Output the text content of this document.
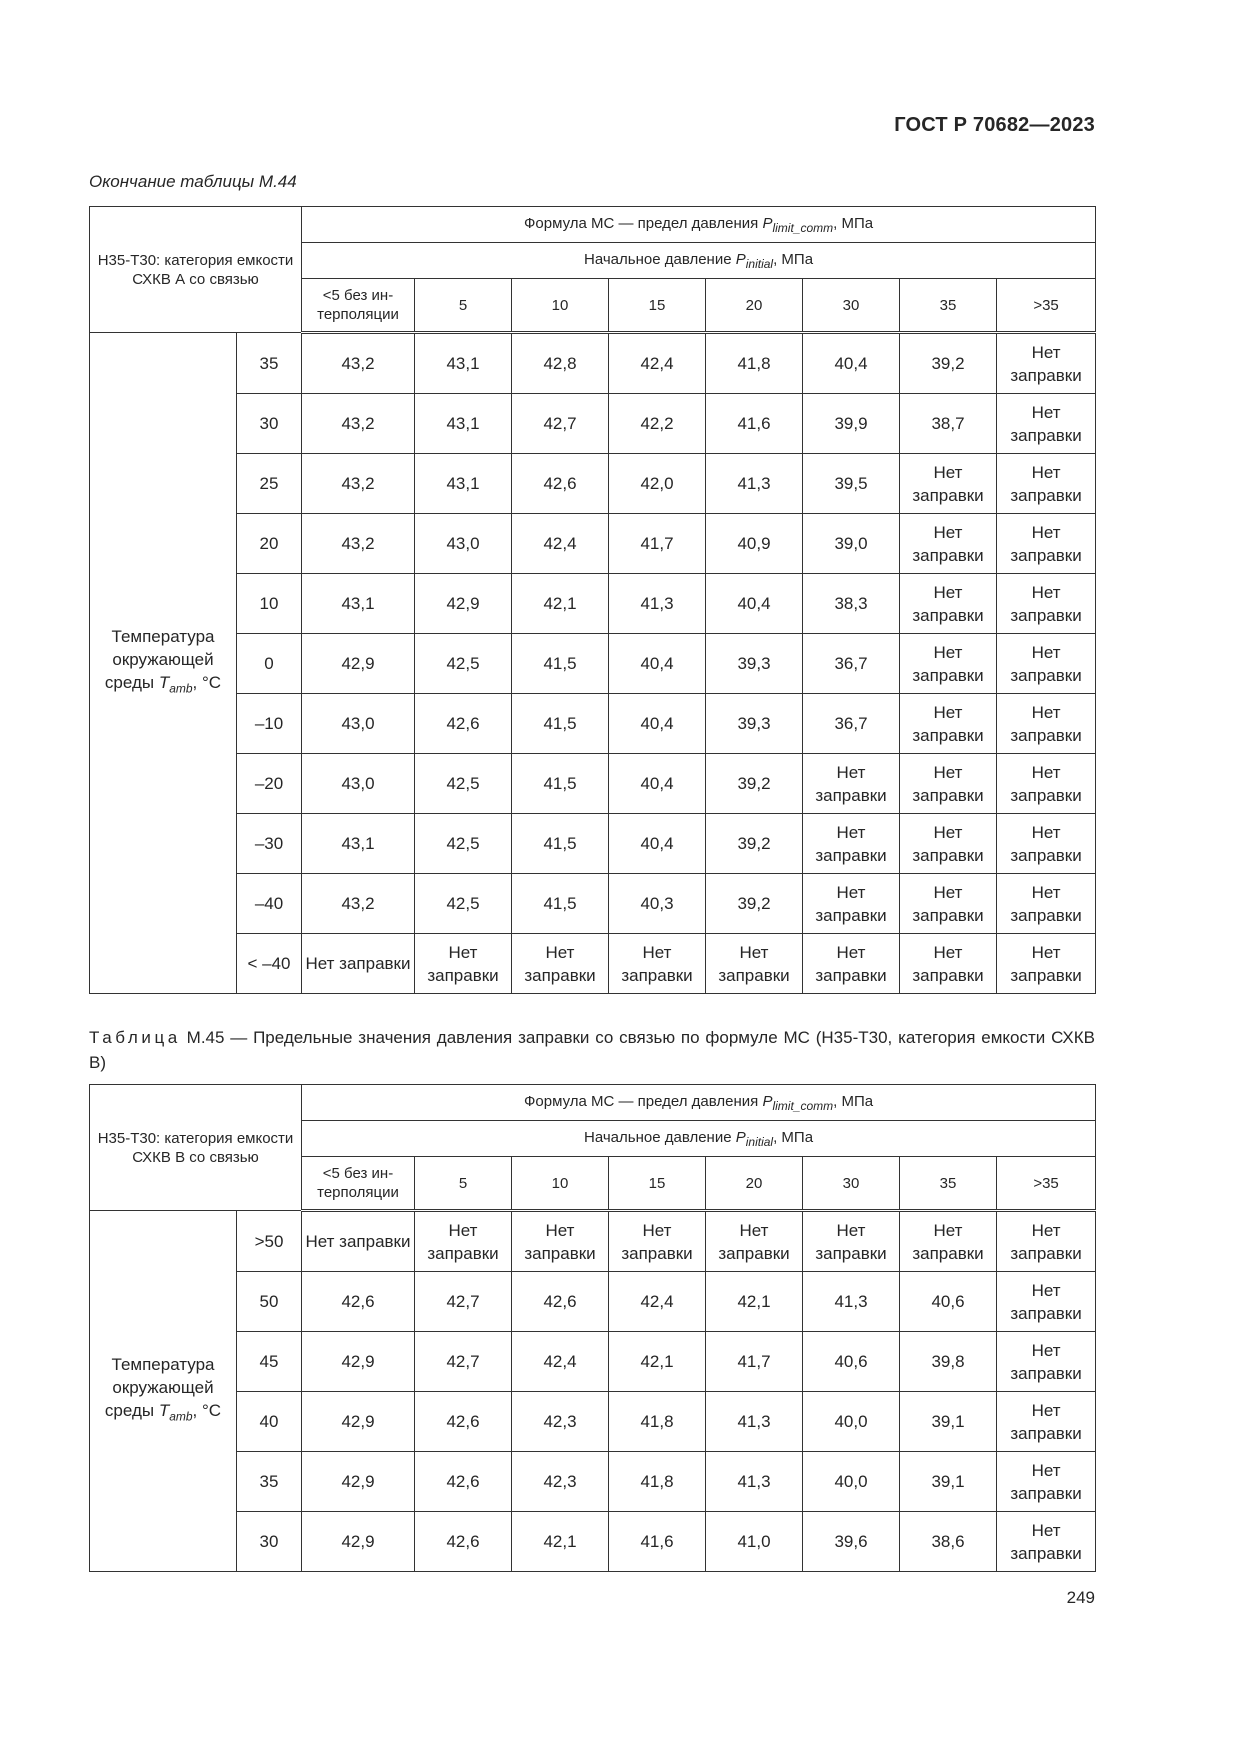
ГОСТ Р 70682—2023
Окончание таблицы М.44
Н35-Т30: категория емкости СХКВ А со связью		Формула МС — предел давления $P_{limit\_comm}$, МПа							
		Начальное давление $P_{initial}$, МПа							
		<5 без ин-терполяции	5	10	15	20	30	35	>35
Температура окружающей среды $T_{amb}$, °C	35	43,2	43,1	42,8	42,4	41,8	40,4	39,2	Нет заправки
	30	43,2	43,1	42,7	42,2	41,6	39,9	38,7	Нет заправки
	25	43,2	43,1	42,6	42,0	41,3	39,5	Нет заправки	Нет заправки
	20	43,2	43,0	42,4	41,7	40,9	39,0	Нет заправки	Нет заправки
	10	43,1	42,9	42,1	41,3	40,4	38,3	Нет заправки	Нет заправки
	0	42,9	42,5	41,5	40,4	39,3	36,7	Нет заправки	Нет заправки
	–10	43,0	42,6	41,5	40,4	39,3	36,7	Нет заправки	Нет заправки
	–20	43,0	42,5	41,5	40,4	39,2	Нет заправки	Нет заправки	Нет заправки
	–30	43,1	42,5	41,5	40,4	39,2	Нет заправки	Нет заправки	Нет заправки
	–40	43,2	42,5	41,5	40,3	39,2	Нет заправки	Нет заправки	Нет заправки
	< –40	Нет заправки	Нет заправки	Нет заправки	Нет заправки	Нет заправки	Нет заправки	Нет заправки	Нет заправки
Таблица М.45 — Предельные значения давления заправки со связью по формуле МС (Н35-Т30, категория емкости СХКВ В)
Н35-Т30: категория емкости СХКВ В со связью		Формула МС — предел давления $P_{limit\_comm}$, МПа							
		Начальное давление $P_{initial}$, МПа							
		<5 без ин-терполяции	5	10	15	20	30	35	>35
Температура окружающей среды $T_{amb}$, °C	>50	Нет заправки	Нет заправки	Нет заправки	Нет заправки	Нет заправки	Нет заправки	Нет заправки	Нет заправки
	50	42,6	42,7	42,6	42,4	42,1	41,3	40,6	Нет заправки
	45	42,9	42,7	42,4	42,1	41,7	40,6	39,8	Нет заправки
	40	42,9	42,6	42,3	41,8	41,3	40,0	39,1	Нет заправки
	35	42,9	42,6	42,3	41,8	41,3	40,0	39,1	Нет заправки
	30	42,9	42,6	42,1	41,6	41,0	39,6	38,6	Нет заправки
249
